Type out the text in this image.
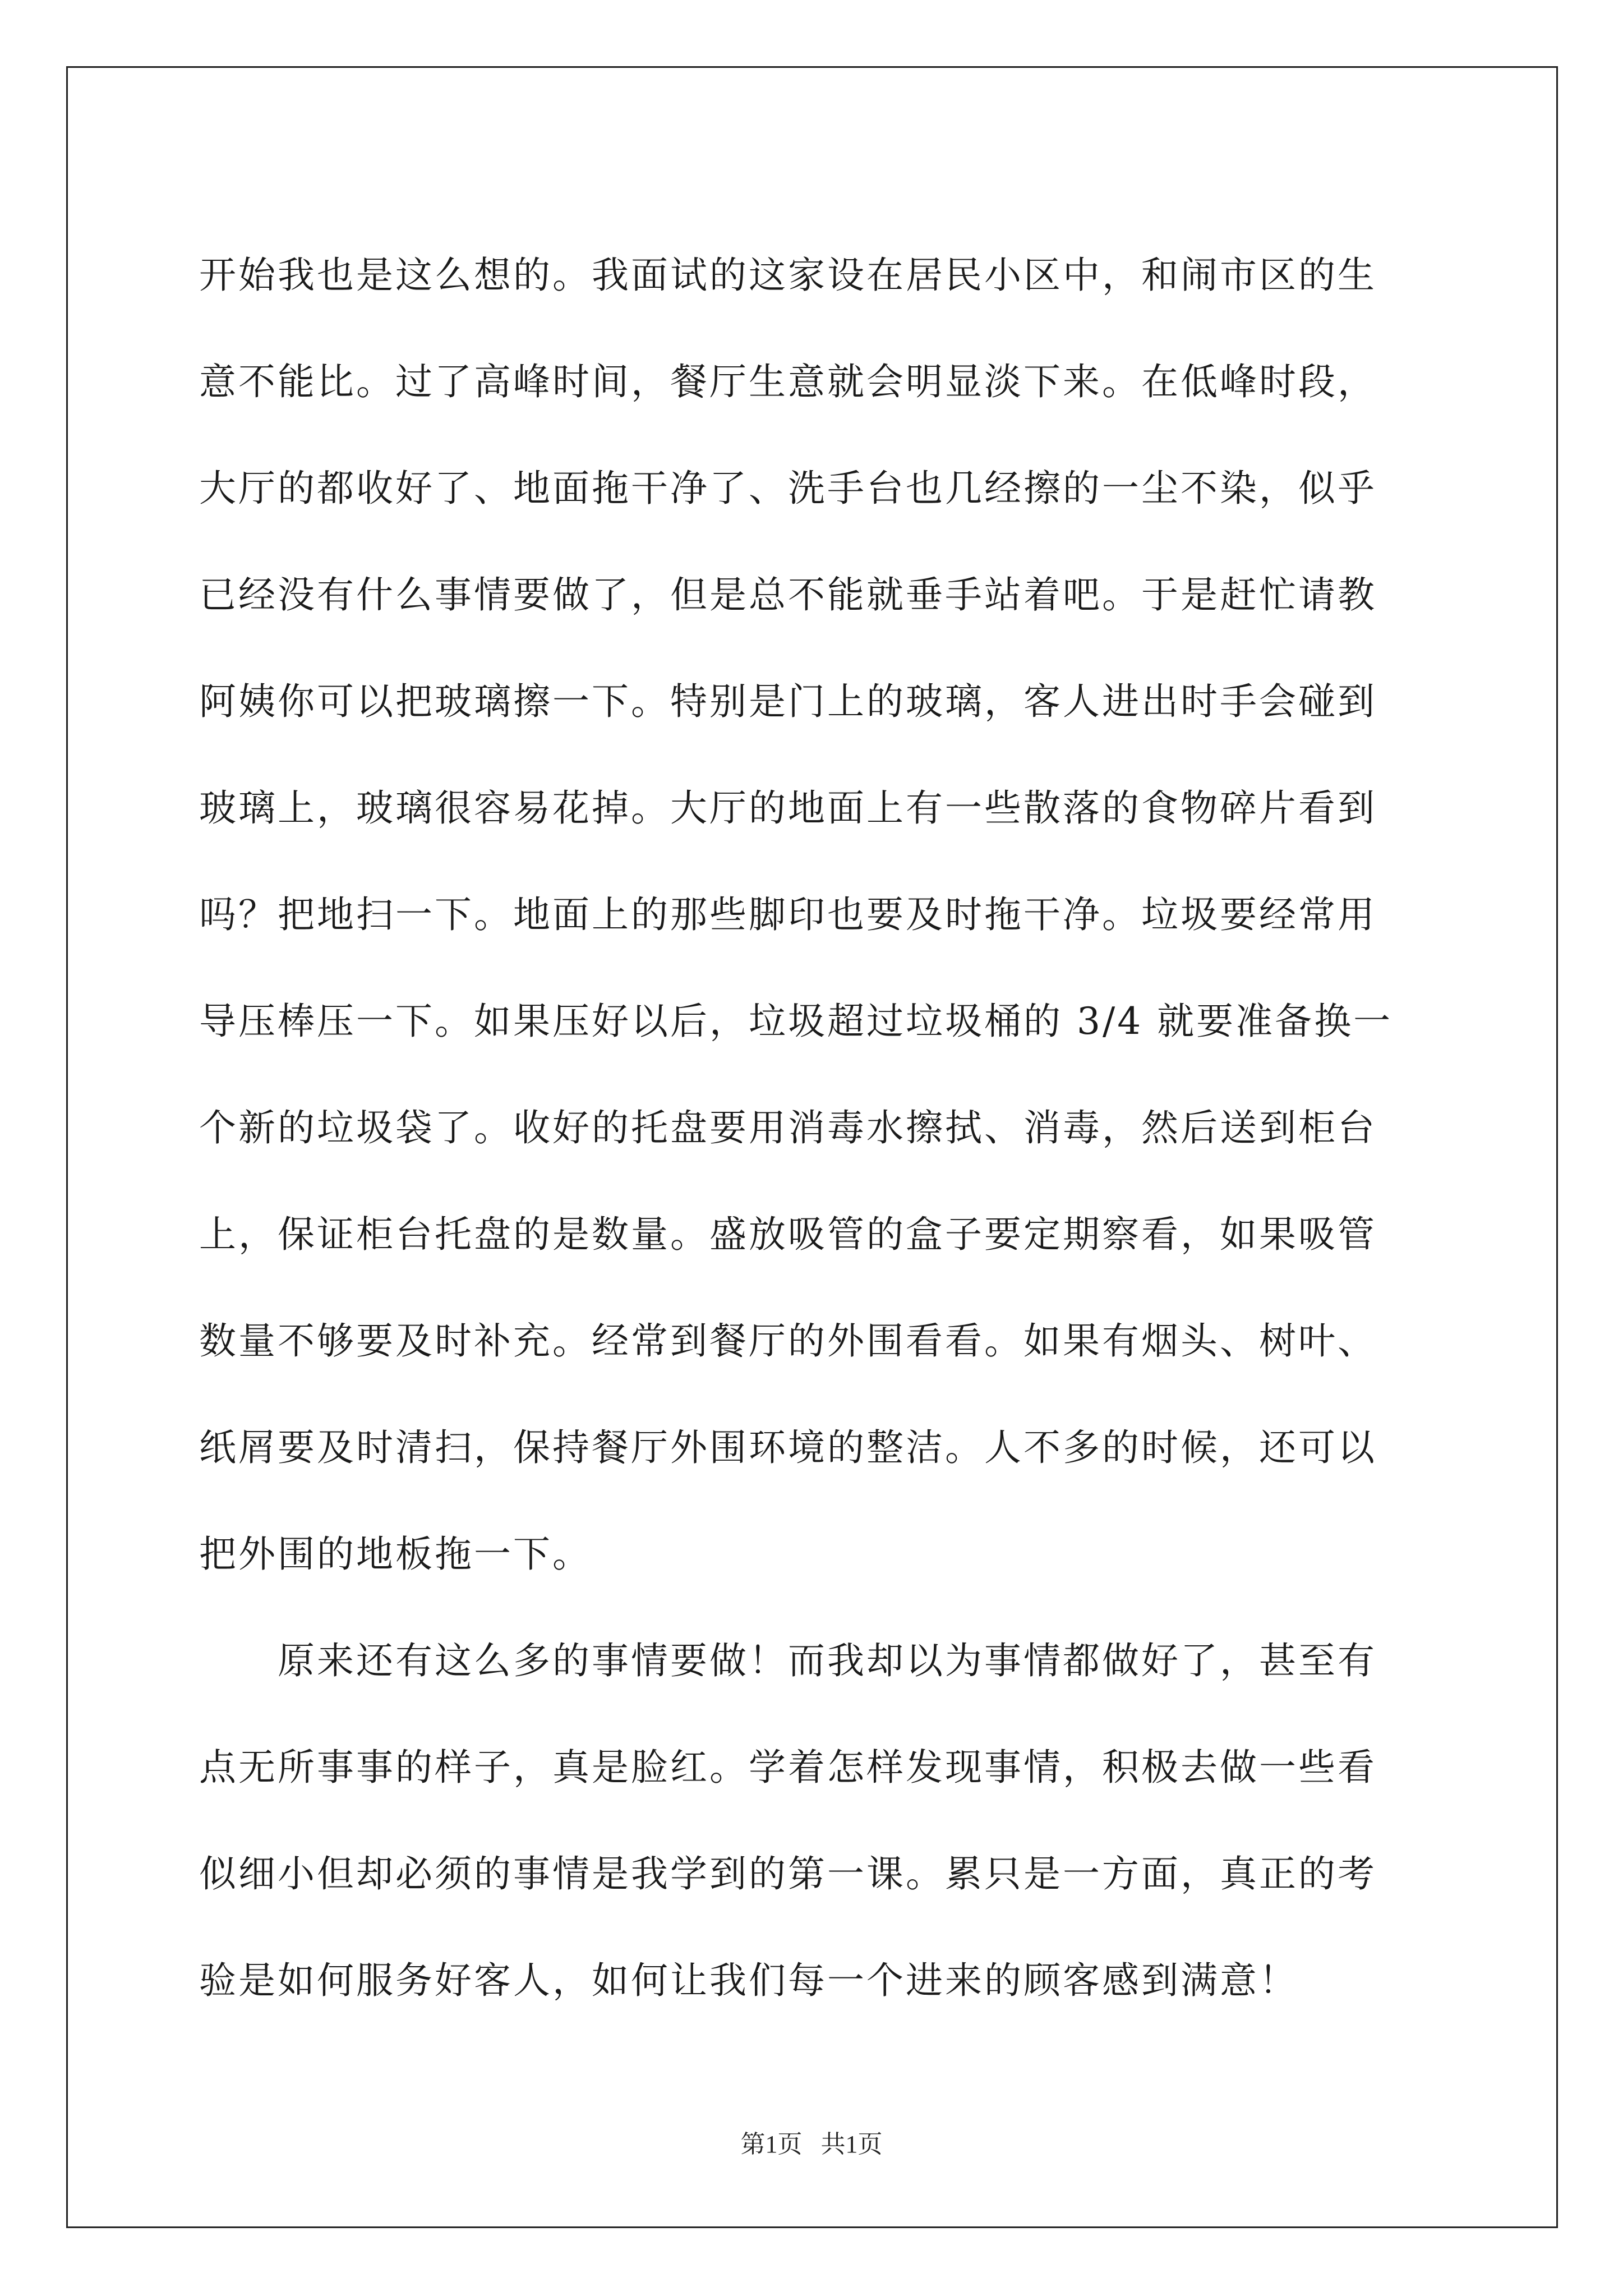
开始我也是这么想的。我面试的这家设在居民小区中，和闹市区的生
意不能比。过了高峰时间，餐厅生意就会明显淡下来。在低峰时段，
大厅的都收好了、地面拖干净了、洗手台也几经擦的一尘不染，似乎
已经没有什么事情要做了，但是总不能就垂手站着吧。于是赶忙请教
阿姨你可以把玻璃擦一下。特别是门上的玻璃，客人进出时手会碰到
玻璃上，玻璃很容易花掉。大厅的地面上有一些散落的食物碎片看到
吗？把地扫一下。地面上的那些脚印也要及时拖干净。垃圾要经常用
导压棒压一下。如果压好以后，垃圾超过垃圾桶的 3/4 就要准备换一
个新的垃圾袋了。收好的托盘要用消毒水擦拭、消毒，然后送到柜台
上，保证柜台托盘的是数量。盛放吸管的盒子要定期察看，如果吸管
数量不够要及时补充。经常到餐厅的外围看看。如果有烟头、树叶、
纸屑要及时清扫，保持餐厅外围环境的整洁。人不多的时候，还可以
把外围的地板拖一下。
　　原来还有这么多的事情要做！而我却以为事情都做好了，甚至有
点无所事事的样子，真是脸红。学着怎样发现事情，积极去做一些看
似细小但却必须的事情是我学到的第一课。累只是一方面，真正的考
验是如何服务好客人，如何让我们每一个进来的顾客感到满意！
第1页   共1页
